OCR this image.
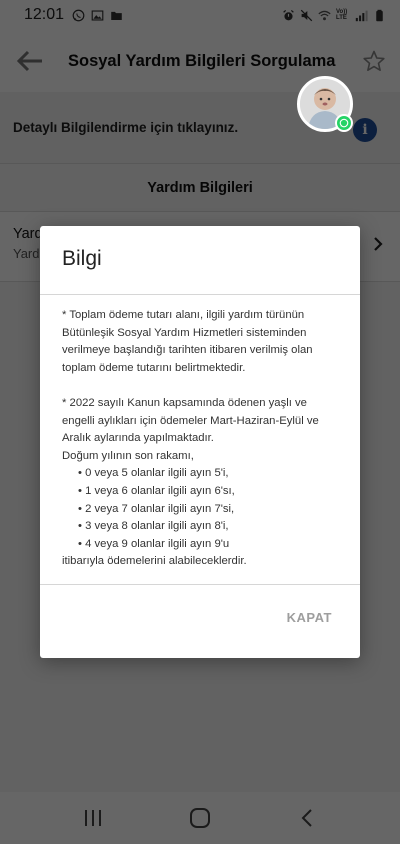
Bilgi

* Toplam ödeme tutarı alanı, ilgili yardım türünün Bütünleşik Sosyal Yardım Hizmetleri sisteminden verilmeye başlandığı tarihten itibaren verilmiş olan toplam ödeme tutarını belirtmektedir.

* 2022 sayılı Kanun kapsamında ödenen yaşlı ve engelli aylıkları için ödemeler Mart-Haziran-Eylül ve Aralık aylarında yapılmaktadır.

Doğum yılının son rakamı,

• 0 veya 5 olanlar ilgili ayın 5'i,

• 1 veya 6 olanlar ilgili ayın 6'sı,

• 2 veya 7 olanlar ilgili ayın 7'si,

• 3 veya 8 olanlar ilgili ayın 8'i,

• 4 veya 9 olanlar ilgili ayın 9'u

itibarıyla ödemelerini alabileceklerdir.

KAPAT
